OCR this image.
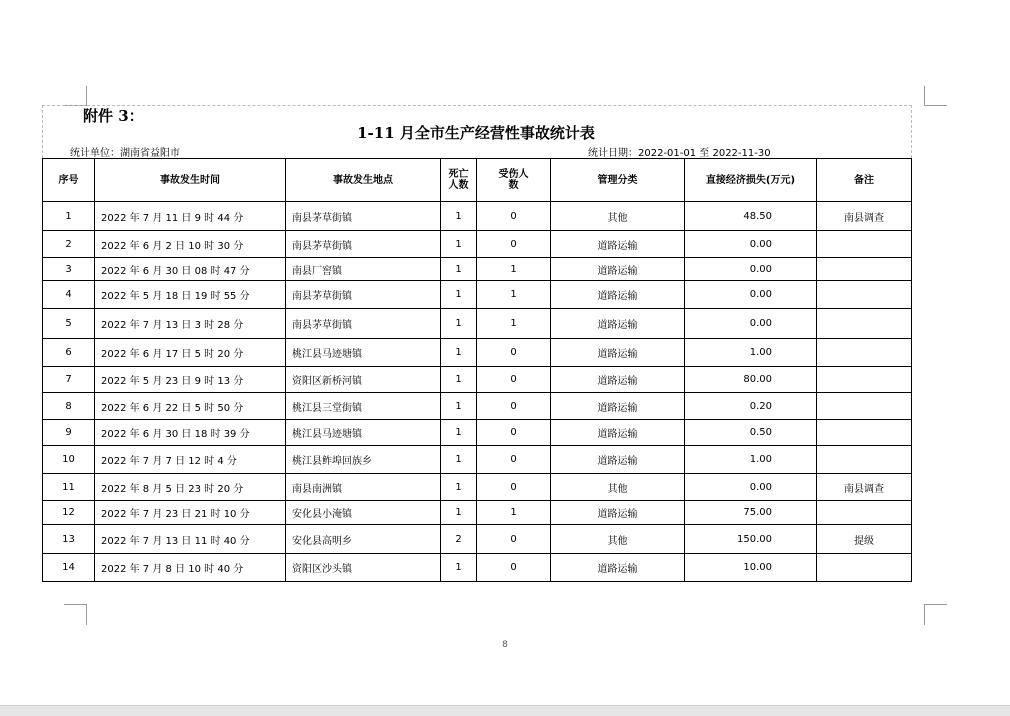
附件 3：
1-11 月全市生产经营性事故统计表
统计单位：湖南省益阳市	统计日期：2022-01-01 至 2022-11-30
序号	事故发生时间	事故发生地点	死亡人数	受伤人数	管理分类	直接经济损失(万元)	备注
1	2022 年 7 月 11 日 9 时 44 分	南县茅草街镇	1	0	其他	48.50	南县调查
2	2022 年 6 月 2 日 10 时 30 分	南县茅草街镇	1	0	道路运输	0.00	
3	2022 年 6 月 30 日 08 时 47 分	南县厂窖镇	1	1	道路运输	0.00	
4	2022 年 5 月 18 日 19 时 55 分	南县茅草街镇	1	1	道路运输	0.00	
5	2022 年 7 月 13 日 3 时 28 分	南县茅草街镇	1	1	道路运输	0.00	
6	2022 年 6 月 17 日 5 时 20 分	桃江县马迹塘镇	1	0	道路运输	1.00	
7	2022 年 5 月 23 日 9 时 13 分	资阳区新桥河镇	1	0	道路运输	80.00	
8	2022 年 6 月 22 日 5 时 50 分	桃江县三堂街镇	1	0	道路运输	0.20	
9	2022 年 6 月 30 日 18 时 39 分	桃江县马迹塘镇	1	0	道路运输	0.50	
10	2022 年 7 月 7 日 12 时 4 分	桃江县鲊埠回族乡	1	0	道路运输	1.00	
11	2022 年 8 月 5 日 23 时 20 分	南县南洲镇	1	0	其他	0.00	南县调查
12	2022 年 7 月 23 日 21 时 10 分	安化县小淹镇	1	1	道路运输	75.00	
13	2022 年 7 月 13 日 11 时 40 分	安化县高明乡	2	0	其他	150.00	提级
14	2022 年 7 月 8 日 10 时 40 分	资阳区沙头镇	1	0	道路运输	10.00	
8
